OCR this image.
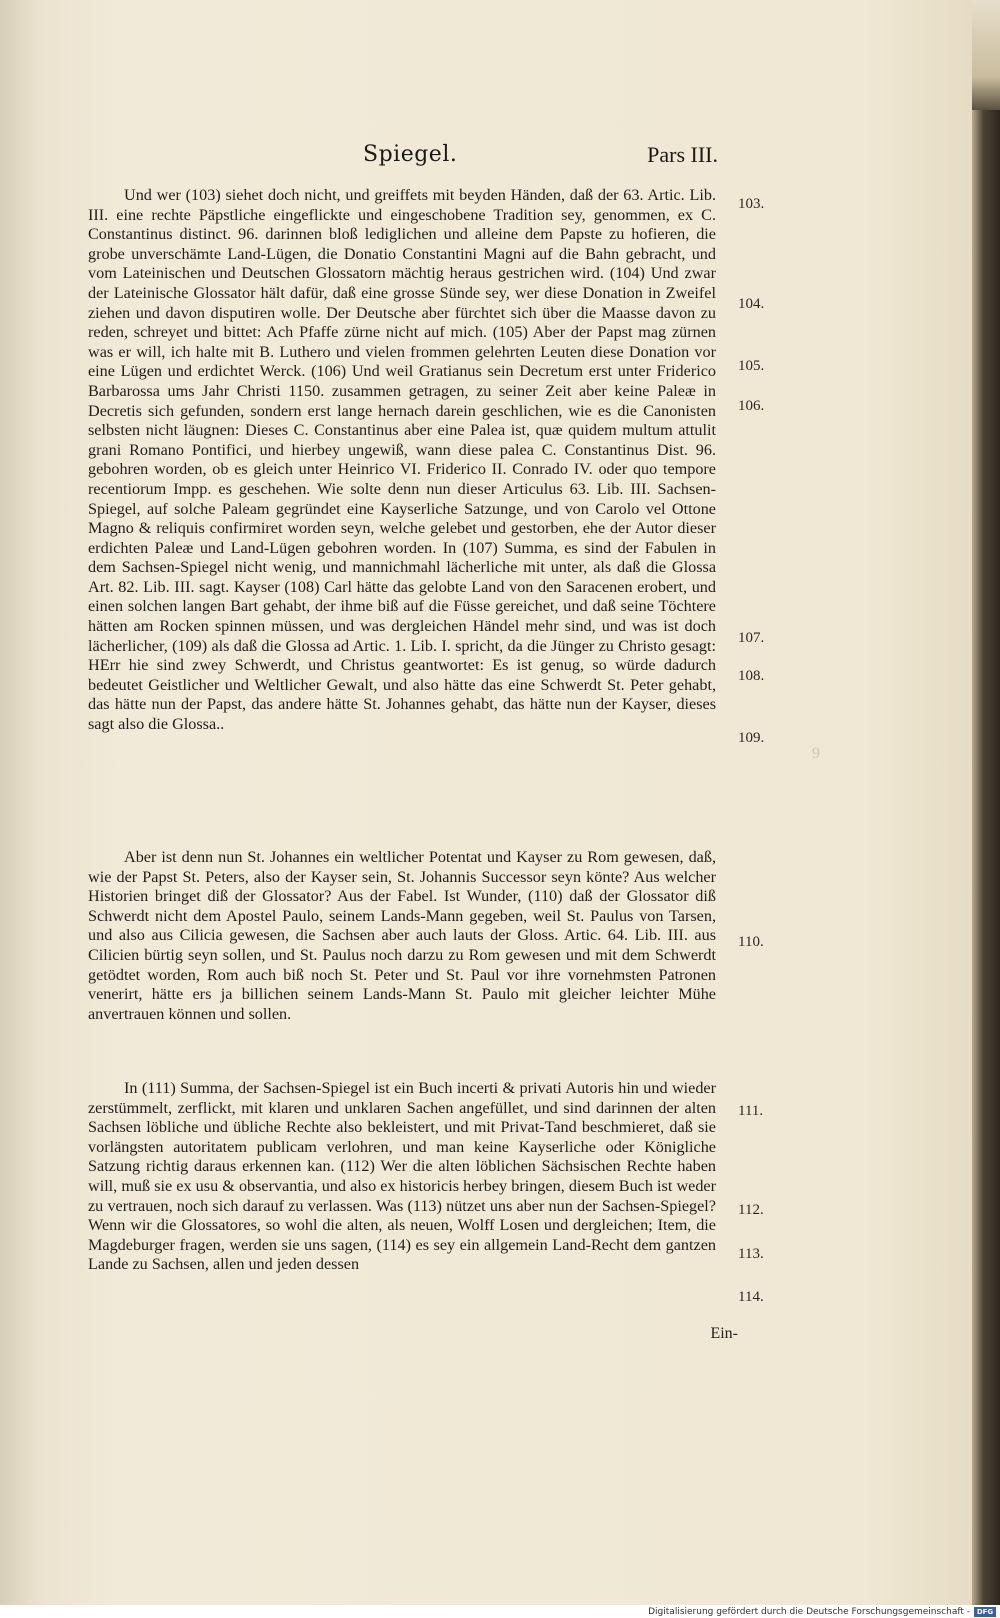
9
Spiegel.	Pars III.

Und wer (103) siehet doch nicht, und greiffets mit beyden Händen, daß der 63. Artic. Lib. III. eine rechte Päpstliche eingeflickte und eingeschobene Tradition sey, genommen, ex C. Constantinus distinct. 96. darinnen bloß lediglichen und alleine dem Papste zu hofieren, die grobe unverschämte Land-Lügen, die Donatio Constantini Magni auf die Bahn gebracht, und vom Lateinischen und Deutschen Glossatorn mächtig heraus gestrichen wird. (104) Und zwar der Lateinische Glossator hält dafür, daß eine grosse Sünde sey, wer diese Donation in Zweifel ziehen und davon disputiren wolle. Der Deutsche aber fürchtet sich über die Maasse davon zu reden, schreyet und bittet: Ach Pfaffe zürne nicht auf mich. (105) Aber der Papst mag zürnen was er will, ich halte mit B. Luthero und vielen frommen gelehrten Leuten diese Donation vor eine Lügen und erdichtet Werck. (106) Und weil Gratianus sein Decretum erst unter Friderico Barbarossa ums Jahr Christi 1150. zusammen getragen, zu seiner Zeit aber keine Paleæ in Decretis sich gefunden, sondern erst lange hernach darein geschlichen, wie es die Canonisten selbsten nicht läugnen: Dieses C. Constantinus aber eine Palea ist, quæ quidem multum attulit grani Romano Pontifici, und hierbey ungewiß, wann diese palea C. Constantinus Dist. 96. gebohren worden, ob es gleich unter Heinrico VI. Friderico II. Conrado IV. oder quo tempore recentiorum Impp. es geschehen. Wie solte denn nun dieser Articulus 63. Lib. III. Sachsen-Spiegel, auf solche Paleam gegründet eine Kayserliche Satzunge, und von Carolo vel Ottone Magno & reliquis confirmiret worden seyn, welche gelebet und gestorben, ehe der Autor dieser erdichten Paleæ und Land-Lügen gebohren worden. In (107) Summa, es sind der Fabulen in dem Sachsen-Spiegel nicht wenig, und mannichmahl lächerliche mit unter, als daß die Glossa Art. 82. Lib. III. sagt. Kayser (108) Carl hätte das gelobte Land von den Saracenen erobert, und einen solchen langen Bart gehabt, der ihme biß auf die Füsse gereichet, und daß seine Töchtere hätten am Rocken spinnen müssen, und was dergleichen Händel mehr sind, und was ist doch lächerlicher, (109) als daß die Glossa ad Artic. 1. Lib. I. spricht, da die Jünger zu Christo gesagt: HErr hie sind zwey Schwerdt, und Christus geantwortet: Es ist genug, so würde dadurch bedeutet Geistlicher und Weltlicher Gewalt, und also hätte das eine Schwerdt St. Peter gehabt, das hätte nun der Papst, das andere hätte St. Johannes gehabt, das hätte nun der Kayser, dieses sagt also die Glossa..

Aber ist denn nun St. Johannes ein weltlicher Potentat und Kayser zu Rom gewesen, daß, wie der Papst St. Peters, also der Kayser sein, St. Johannis Successor seyn könte? Aus welcher Historien bringet diß der Glossator? Aus der Fabel. Ist Wunder, (110) daß der Glossator diß Schwerdt nicht dem Apostel Paulo, seinem Lands-Mann gegeben, weil St. Paulus von Tarsen, und also aus Cilicia gewesen, die Sachsen aber auch lauts der Gloss. Artic. 64. Lib. III. aus Cilicien bürtig seyn sollen, und St. Paulus noch darzu zu Rom gewesen und mit dem Schwerdt getödtet worden, Rom auch biß noch St. Peter und St. Paul vor ihre vornehmsten Patronen venerirt, hätte ers ja billichen seinem Lands-Mann St. Paulo mit gleicher leichter Mühe anvertrauen können und sollen.

In (111) Summa, der Sachsen-Spiegel ist ein Buch incerti & privati Autoris hin und wieder zerstümmelt, zerflickt, mit klaren und unklaren Sachen angefüllet, und sind darinnen der alten Sachsen löbliche und übliche Rechte also bekleistert, und mit Privat-Tand beschmieret, daß sie vorlängsten autoritatem publicam verlohren, und man keine Kayserliche oder Königliche Satzung richtig daraus erkennen kan. (112) Wer die alten löblichen Sächsischen Rechte haben will, muß sie ex usu & observantia, und also ex historicis herbey bringen, diesem Buch ist weder zu vertrauen, noch sich darauf zu verlassen. Was (113) nützet uns aber nun der Sachsen-Spiegel? Wenn wir die Glossatores, so wohl die alten, als neuen, Wolff Losen und dergleichen; Item, die Magdeburger fragen, werden sie uns sagen, (114) es sey ein allgemein Land-Recht dem gantzen Lande zu Sachsen, allen und jeden dessen

Ein-
103.
104.
105.
106.
107.
108.
109.
110.
111.
112.
113.
114.
Digitalisierung gefördert durch die Deutsche Forschungsgemeinschaft - DFG
